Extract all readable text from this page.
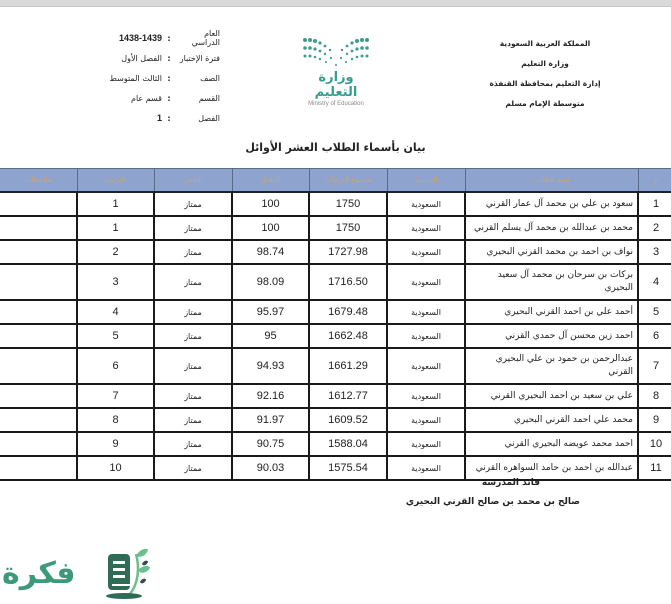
العام الدراسي
:
1438-1439
فترة الإختبار
:
الفصل الأول
الصف
:
الثالث المتوسط
القسم
:
قسم عام
الفصل
:
1
وزارة التعليم
Ministry of Education
المملكة العربية السعودية
وزارة التعليم
إدارة التعليم بمحافظة القنفذة
متوسطة الإمام مسلم
بيان بأسماء الطلاب العشر الأوائل
م	اسم الطالب	الجنسية	مجموع الدرجات	المعدل	التقدير	الترتيب	ملاحظات
1	سعود بن علي بن محمد آل عمار القرني	السعودية	1750	100	ممتاز	1	
2	محمد بن عبدالله بن محمد آل يسلم القرني	السعودية	1750	100	ممتاز	1	
3	نواف بن احمد بن محمد القرني البحيري	السعودية	1727.98	98.74	ممتاز	2	
4	بركات بن سرحان بن محمد آل سعيد البحيري	السعودية	1716.50	98.09	ممتاز	3	
5	أحمد علي بن احمد القرني البحيري	السعودية	1679.48	95.97	ممتاز	4	
6	احمد زين محسن آل حمدي القرني	السعودية	1662.48	95	ممتاز	5	
7	عبدالرحمن بن حمود بن علي البحيري القرني	السعودية	1661.29	94.93	ممتاز	6	
8	علي بن سعيد بن احمد البحيري القرني	السعودية	1612.77	92.16	ممتاز	7	
9	محمد علي احمد القرني البحيري	السعودية	1609.52	91.97	ممتاز	8	
10	احمد محمد عويضه البحيري القرني	السعودية	1588.04	90.75	ممتاز	9	
11	عبدالله بن احمد بن حامد السواهره القرني	السعودية	1575.54	90.03	ممتاز	10	
قائد المدرسة
صالح بن محمد بن صالح القرني البحيري
فكرة
